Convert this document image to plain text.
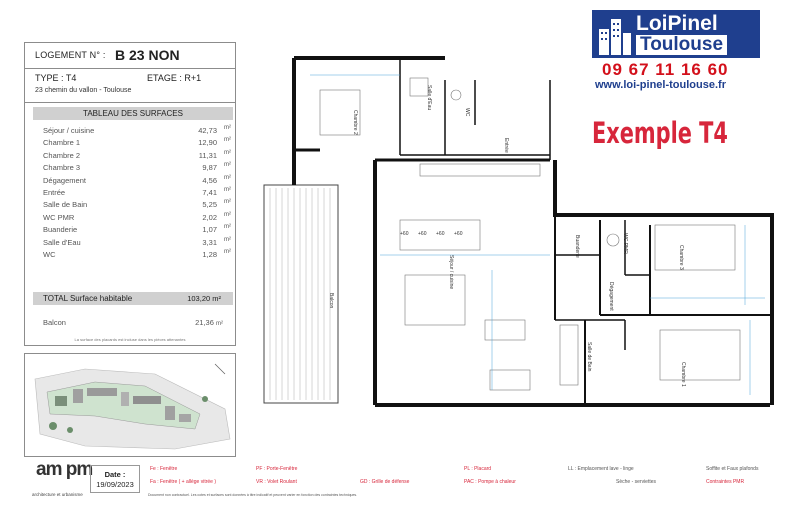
LOGEMENT N° : B 23 NON
TYPE : T4	ETAGE : R+1
23 chemin du vallon - Toulouse
TABLEAU DES SURFACES
Séjour / cuisine	42,73 m²
Chambre 1	12,90 m²
Chambre 2	11,31 m²
Chambre 3	9,87 m²
Dégagement	4,56 m²
Entrée	7,41 m²
Salle de Bain	5,25 m²
WC PMR	2,02 m²
Buanderie	1,07 m²
Salle d'Eau	3,31 m²
WC	1,28 m²
TOTAL Surface habitable	103,20 m²
Balcon	21,36 m²
La surface des placards est incluse dans les pièces attenantes
LoiPinel
Toulouse
09 67 11 16 60
www.loi-pinel-toulouse.fr
Exemple T4
Chambre 2
Salle d'Eau
WC
Entrée
Balcon
Séjour / cuisine
Buanderie	WC PMR
Chambre 3
Dégagement
Salle de Bain
Chambre 1
+60 +60 +60 +60
am pm
architecture et urbanisme
Date :
19/09/2023
Fe : Fenêtre
Fa : Fenêtre ( + allège vitrée )
PF : Porte-Fenêtre
VR : Volet Roulant	GD : Grille de défense
PL : Placard
PAC : Pompe à chaleur
LL : Emplacement lave - linge
Sèche - serviettes
Soffite et Faux plafonds
Contraintes PMR
Document non contractuel. Les cotes et surfaces sont données à titre indicatif et peuvent varier en fonction des contraintes techniques.
